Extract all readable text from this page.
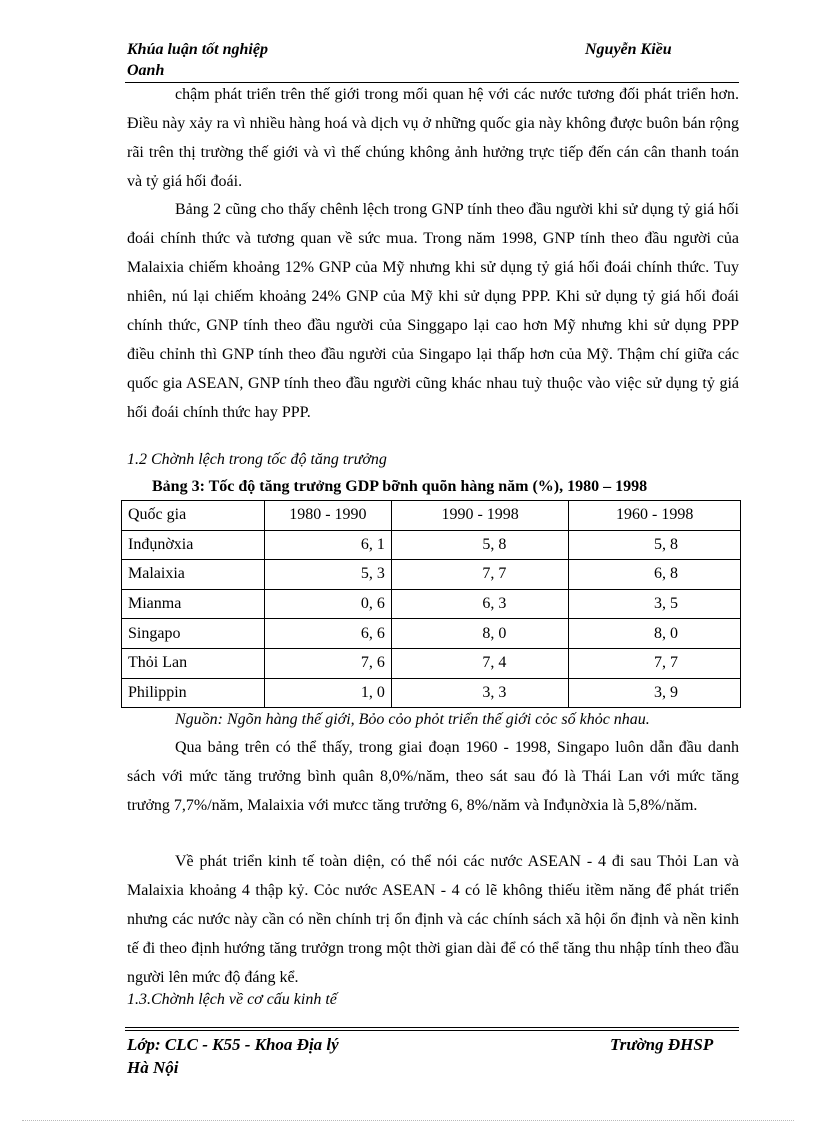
Khúa luận tốt nghiệp	Nguyễn Kiều
Oanh

chậm phát triển trên thế giới trong mối quan hệ với các nước tương đối phát triển hơn. Điều này xảy ra vì nhiều hàng hoá và dịch vụ ở những quốc gia này không được buôn bán rộng rãi trên thị trường thế giới và vì thế chúng không ảnh hưởng trực tiếp đến cán cân thanh toán và tỷ giá hối đoái.

Bảng 2 cũng cho thấy chênh lệch trong GNP tính theo đầu người khi sử dụng tỷ giá hối đoái chính thức và tương quan về sức mua. Trong năm 1998, GNP tính theo đầu người của Malaixia chiếm khoảng 12% GNP của Mỹ nhưng khi sử dụng tỷ giá hối đoái chính thức. Tuy nhiên, nú lại chiếm khoảng 24% GNP của Mỹ khi sử dụng PPP. Khi sử dụng tỷ giá hối đoái chính thức, GNP tính theo đầu người của Singgapo lại cao hơn Mỹ nhưng khi sử dụng PPP điều chỉnh thì GNP tính theo đầu người của Singapo lại thấp hơn của Mỹ. Thậm chí giữa các quốc gia ASEAN, GNP tính theo đầu người cũng khác nhau tuỳ thuộc vào việc sử dụng tỷ giá hối đoái chính thức hay PPP.

1.2 Chờnh lệch trong tốc độ tăng trưởng
Bảng 3: Tốc độ tăng trưởng GDP bỡnh quõn hàng năm (%), 1980 – 1998
Quốc gia	1980 - 1990	1990 - 1998	1960 - 1998
Inđụnờxia	6, 1	5, 8	5, 8
Malaixia	5, 3	7, 7	6, 8
Mianma	0, 6	6, 3	3, 5
Singapo	6, 6	8, 0	8, 0
Thỏi Lan	7, 6	7, 4	7, 7
Philippin	1, 0	3, 3	3, 9
Nguồn: Ngõn hàng thế giới, Bỏo cỏo phỏt triển thế giới cỏc số khỏc nhau.

Qua bảng trên có thể thấy, trong giai đoạn 1960 - 1998, Singapo luôn dẫn đầu danh sách với mức tăng trưởng bình quân 8,0%/năm, theo sát sau đó là Thái Lan với mức tăng trưởng 7,7%/năm, Malaixia với mưcc tăng trưởng 6, 8%/năm và Inđụnờxia là 5,8%/năm.

Về phát triển kinh tế toàn diện, có thể nói các nước ASEAN - 4 đi sau Thỏi Lan và Malaixia khoảng 4 thập kỷ. Cỏc nước ASEAN - 4 có lẽ không thiếu itềm năng để phát triển nhưng các nước này cần có nền chính trị ổn định và các chính sách xã hội ổn định và nền kinh tế đi theo định hướng tăng trưởgn trong một thời gian dài để có thể tăng thu nhập tính theo đầu người lên mức độ đáng kể.

1.3.Chờnh lệch về cơ cấu kinh tế
Lớp: CLC - K55 - Khoa Địa lý	Trường ĐHSP
Hà Nội
